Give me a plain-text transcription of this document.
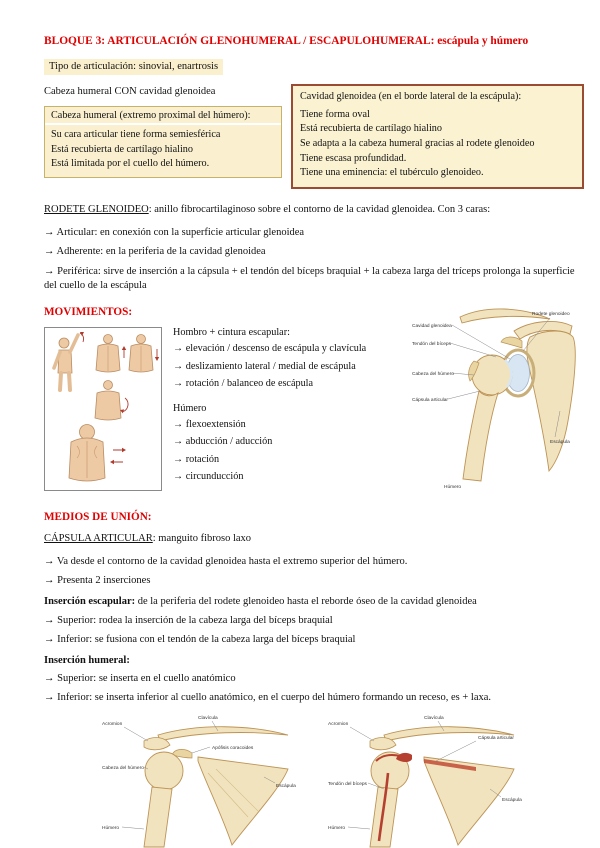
BLOQUE 3: ARTICULACIÓN GLENOHUMERAL / ESCAPULOHUMERAL: escápula y húmero
Tipo de articulación: sinovial, enartrosis
Cabeza humeral CON cavidad glenoidea
Cabeza humeral (extremo proximal del húmero):
Su cara articular tiene forma semiesférica
Está recubierta de cartílago hialino
Está limitada por el cuello del húmero.
Cavidad glenoidea (en el borde lateral de la escápula):
Tiene forma oval
Está recubierta de cartílago hialino
Se adapta a la cabeza humeral gracias al rodete glenoideo
Tiene escasa profundidad.
Tiene una eminencia: el tubérculo glenoideo.

RODETE GLENOIDEO: anillo fibrocartilaginoso sobre el contorno de la cavidad glenoidea. Con 3 caras:

→ Articular: en conexión con la superficie articular glenoidea
→ Adherente: en la periferia de la cavidad glenoidea
→ Periférica: sirve de inserción a la cápsula + el tendón del bíceps braquial + la cabeza larga del tríceps prolonga la superficie del cuello de la escápula
MOVIMIENTOS:
Hombro + cintura escapular:
→ elevación / descenso de escápula y clavícula
→ deslizamiento lateral / medial de escápula
→ rotación / balanceo de escápula
Húmero
→ flexoextensión
→ abducción / aducción
→ rotación
→ circunducción
Cavidad glenoidea
Tendón del bíceps
Cabeza del húmero
Cápsula articular
Rodete glenoideo
Escápula
Húmero
MEDIOS DE UNIÓN:

CÁPSULA ARTICULAR: manguito fibroso laxo

→ Va desde el contorno de la cavidad glenoidea hasta el extremo superior del húmero.
→ Presenta 2 inserciones
Inserción escapular: de la periferia del rodete glenoideo hasta el reborde óseo de la cavidad glenoidea
→ Superior: rodea la inserción de la cabeza larga del bíceps braquial
→ Inferior: se fusiona con el tendón de la cabeza larga del bíceps braquial
Inserción humeral:
→ Superior: se inserta en el cuello anatómico
→ Inferior: se inserta inferior al cuello anatómico, en el cuerpo del húmero formando un receso, es + laxa.
Acromion
Clavícula
Apófisis coracoides
Cabeza del húmero
Escápula
Húmero
Acromion
Clavícula
Cápsula articular
Tendón del bíceps
Escápula
Húmero
